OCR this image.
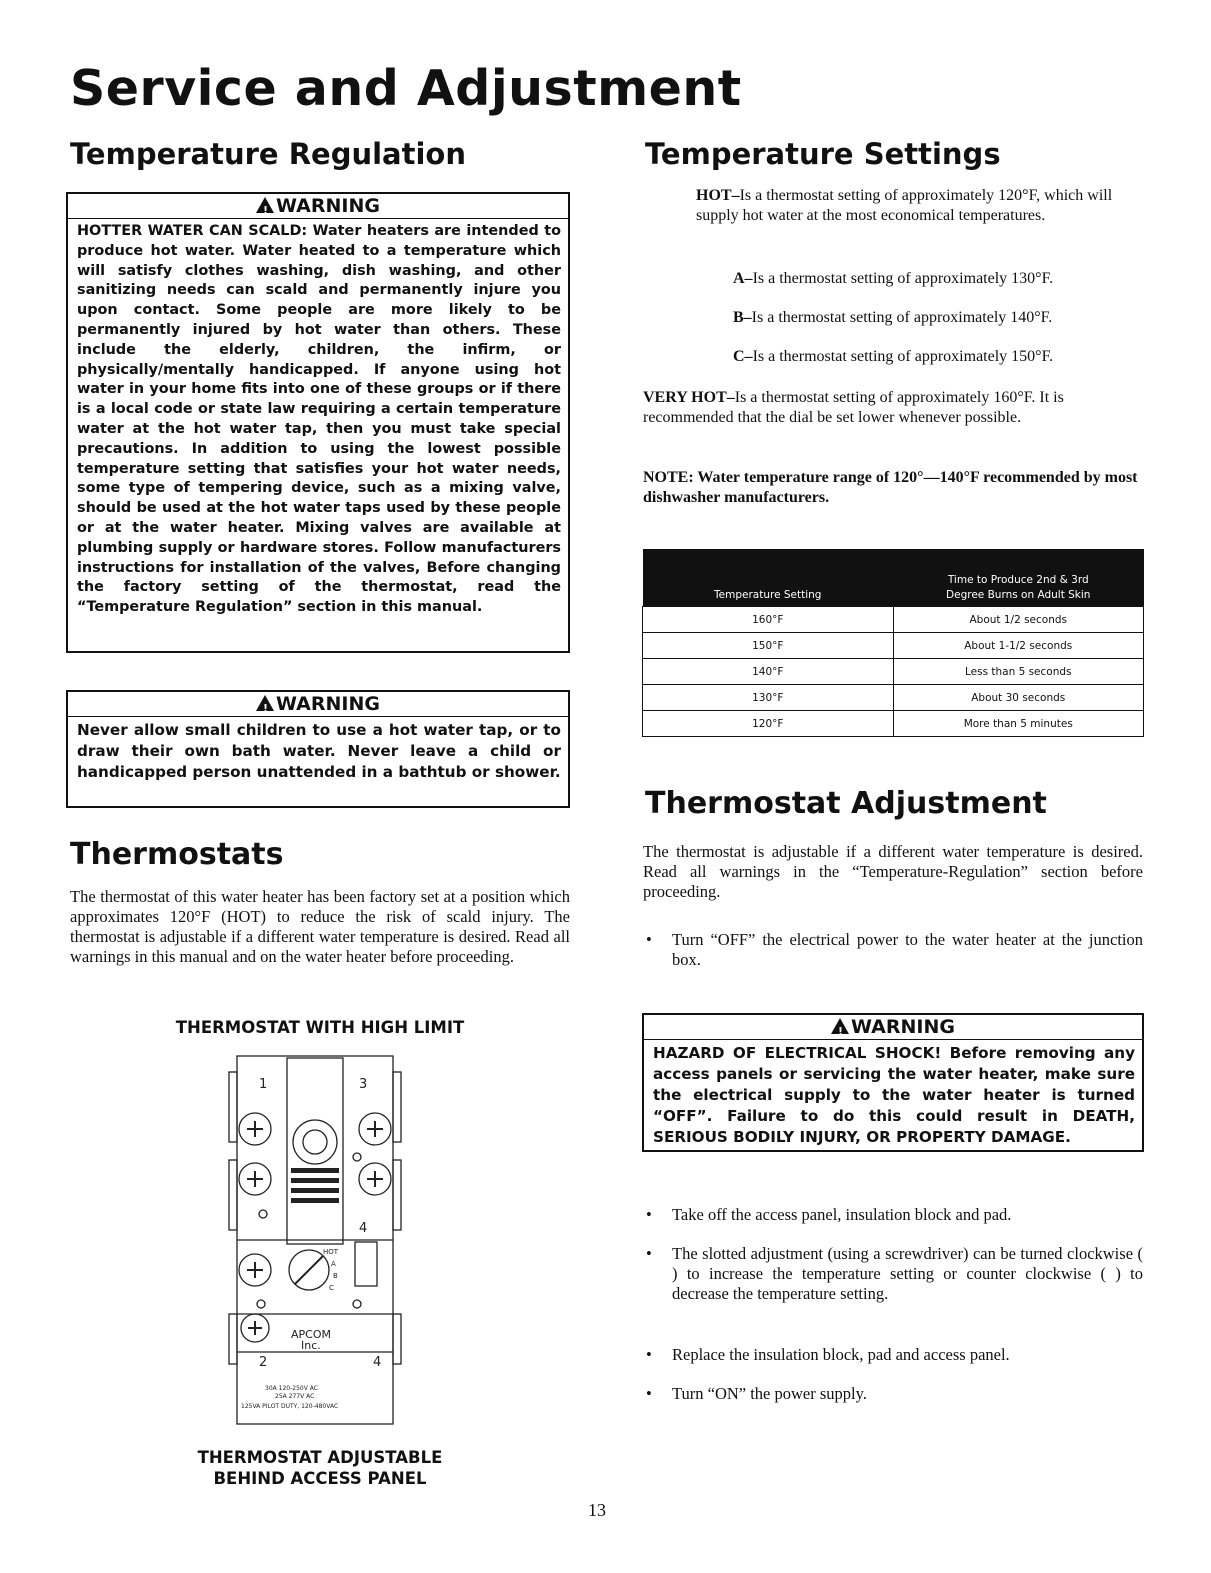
Service and Adjustment
Temperature Regulation
!WARNING
HOTTER WATER CAN SCALD: Water heaters are intended to produce hot water. Water heated to a temperature which will satisfy clothes washing, dish washing, and other sanitizing needs can scald and permanently injure you upon contact. Some people are more likely to be permanently injured by hot water than others. These include the elderly, children, the infirm, or physically/mentally handicapped. If anyone using hot water in your home fits into one of these groups or if there is a local code or state law requiring a certain temperature water at the hot water tap, then you must take special precautions. In addition to using the lowest possible temperature setting that satisfies your hot water needs, some type of tempering device, such as a mixing valve, should be used at the hot water taps used by these people or at the water heater. Mixing valves are available at plumbing supply or hardware stores. Follow manufacturers instructions for installation of the valves, Before changing the factory setting of the thermostat, read the “Temperature Regulation” section in this manual.
!WARNING
Never allow small children to use a hot water tap, or to draw their own bath water. Never leave a child or handicapped person unattended in a bathtub or shower.
Thermostats
The thermostat of this water heater has been factory set at a position which approximates 120°F (HOT) to reduce the risk of scald injury. The thermostat is adjustable if a different water temperature is desired. Read all warnings in this manual and on the water heater before proceeding.
THERMOSTAT WITH HIGH LIMIT
1	3
4
2	4
APCOM
Inc.
30A 120-250V AC
25A 277V AC
125VA PILOT DUTY, 120-480VAC
HOT
A
B
C
THERMOSTAT ADJUSTABLE
BEHIND ACCESS PANEL
Temperature Settings
HOT–Is a thermostat setting of approximately 120°F, which will supply hot water at the most economical temperatures.
A–Is a thermostat setting of approximately 130°F.
B–Is a thermostat setting of approximately 140°F.
C–Is a thermostat setting of approximately 150°F.
VERY HOT–Is a thermostat setting of approximately 160°F. It is recommended that the dial be set lower whenever possible.
NOTE: Water temperature range of 120°—140°F recommended by most dishwasher manufacturers.
Temperature Setting	Time to Produce 2nd & 3rd Degree Burns on Adult Skin
160°F	About 1/2 seconds
150°F	About 1-1/2 seconds
140°F	Less than 5 seconds
130°F	About 30 seconds
120°F	More than 5 minutes
Thermostat Adjustment
The thermostat is adjustable if a different water temperature is desired. Read all warnings in the “Temperature-Regulation” section before proceeding.
•	Turn “OFF” the electrical power to the water heater at the junction box.
!WARNING
HAZARD OF ELECTRICAL SHOCK! Before removing any access panels or servicing the water heater, make sure the electrical supply to the water heater is turned “OFF”. Failure to do this could result in DEATH, SERIOUS BODILY INJURY, OR PROPERTY DAMAGE.
•	Take off the access panel, insulation block and pad.
•	The slotted adjustment (using a screwdriver) can be turned clockwise ( ) to increase the temperature setting or counter clockwise ( ) to decrease the temperature setting.
•	Replace the insulation block, pad and access panel.
•	Turn “ON” the power supply.
13
